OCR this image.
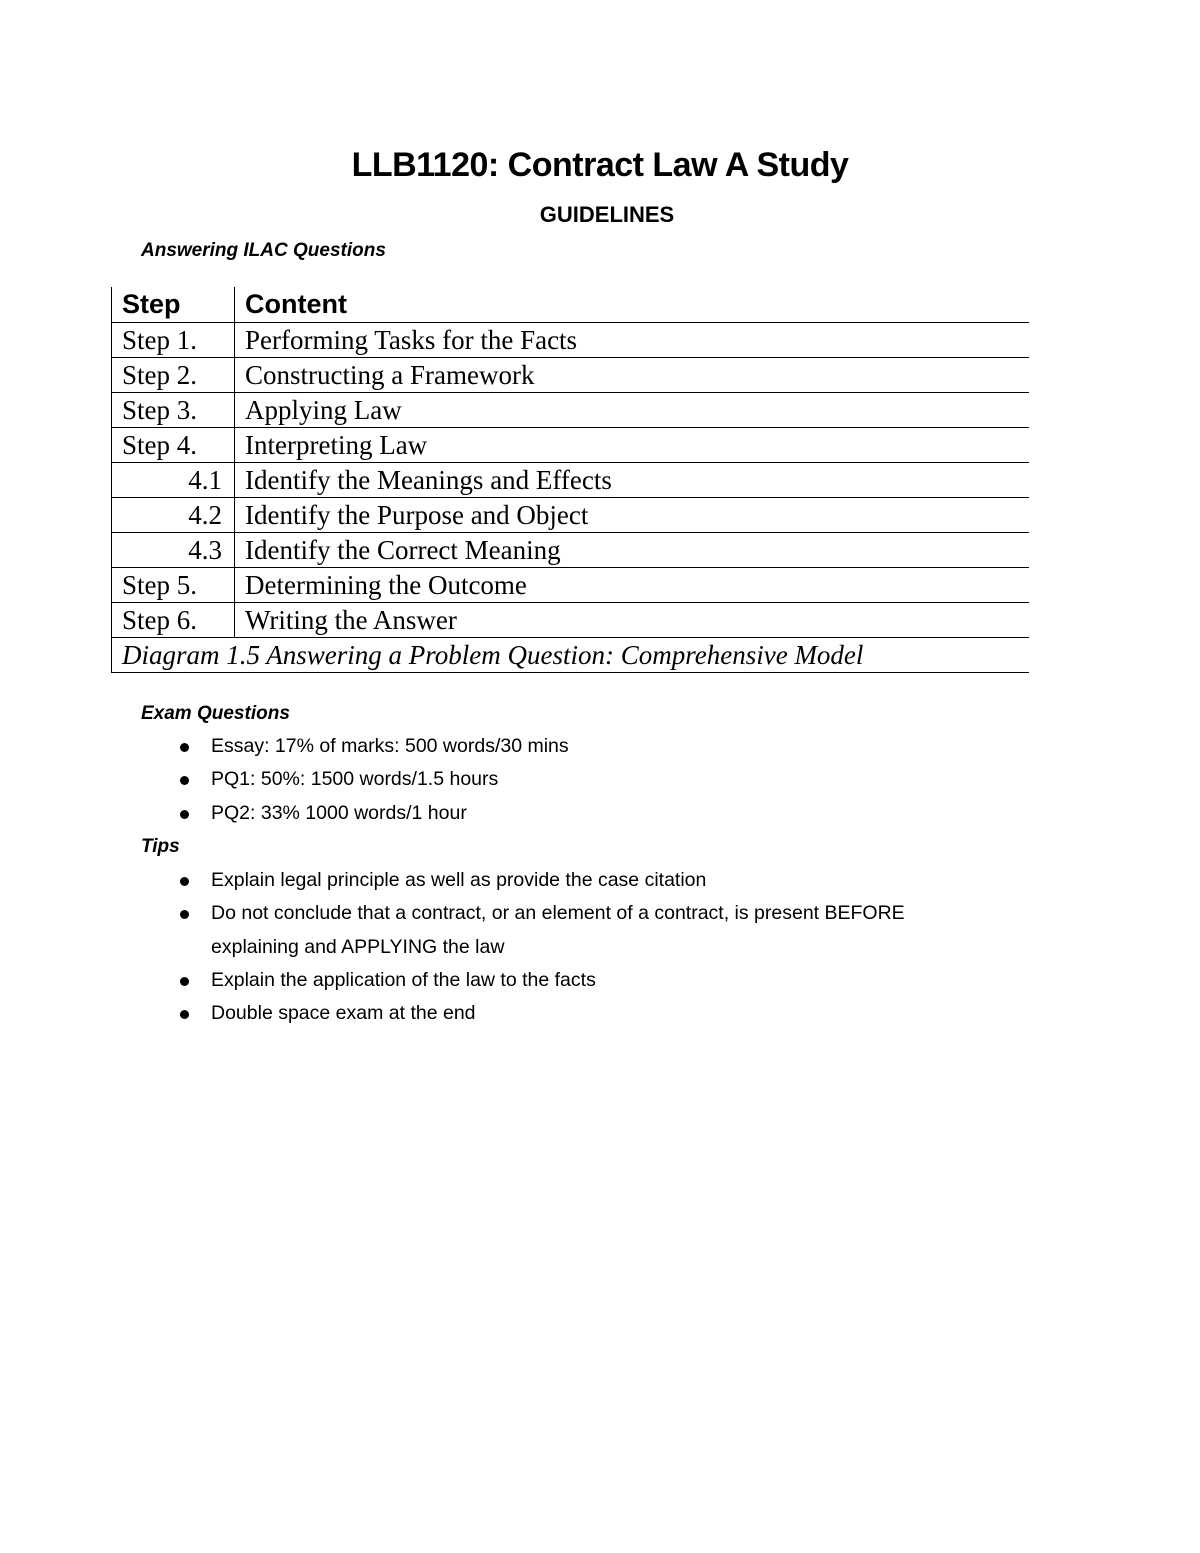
LLB1120: Contract Law A Study
GUIDELINES
Answering ILAC Questions
Step	Content
Step 1.	Performing Tasks for the Facts
Step 2.	Constructing a Framework
Step 3.	Applying Law
Step 4.	Interpreting Law
4.1	Identify the Meanings and Effects
4.2	Identify the Purpose and Object
4.3	Identify the Correct Meaning
Step 5.	Determining the Outcome
Step 6.	Writing the Answer
Diagram 1.5 Answering a Problem Question: Comprehensive Model	
Exam Questions
Essay: 17% of marks: 500 words/30 mins
PQ1: 50%: 1500 words/1.5 hours
PQ2: 33% 1000 words/1 hour
Tips
Explain legal principle as well as provide the case citation
Do not conclude that a contract, or an element of a contract, is present BEFORE explaining and APPLYING the law
Explain the application of the law to the facts
Double space exam at the end
